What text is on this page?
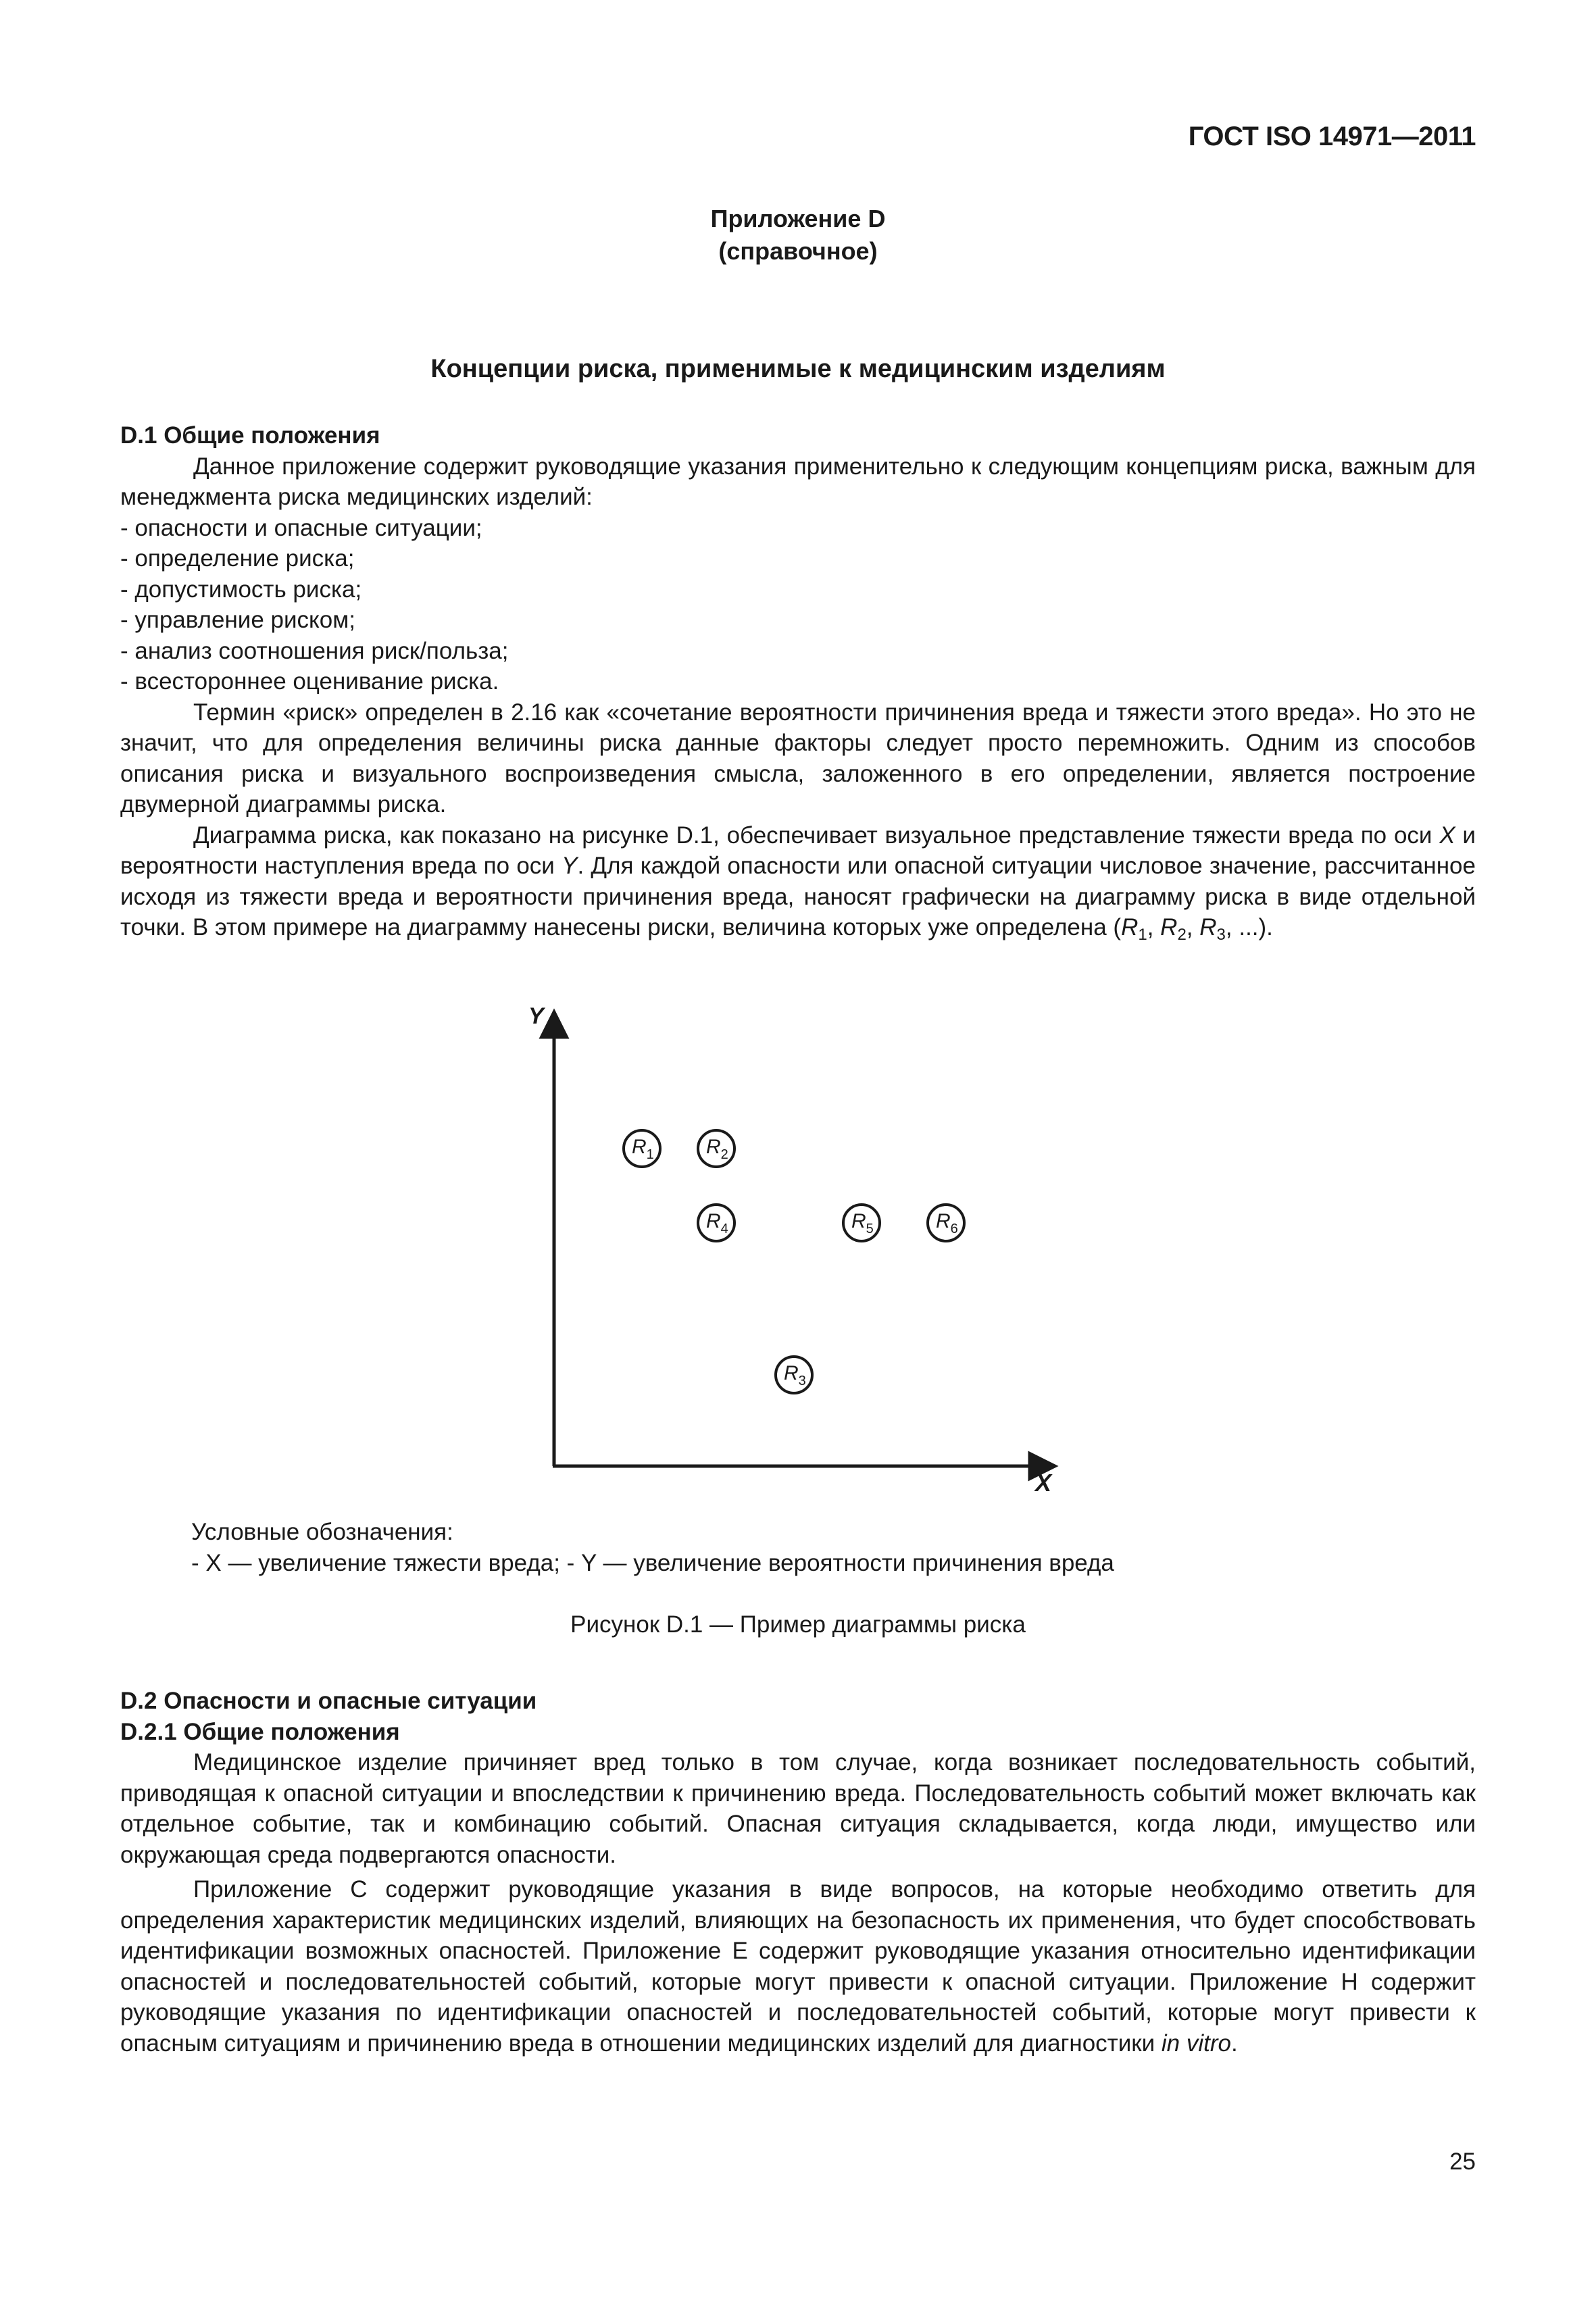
ГОСТ ISO 14971—2011
Приложение D
(справочное)
Концепции риска, применимые к медицинским изделиям

D.1 Общие положения

Данное приложение содержит руководящие указания применительно к следующим концепциям риска, важным для менеджмента риска медицинских изделий:

- опасности и опасные ситуации;

- определение риска;

- допустимость риска;

- управление риском;

- анализ соотношения риск/польза;

- всестороннее оценивание риска.

Термин «риск» определен в 2.16 как «сочетание вероятности причинения вреда и тяжести этого вреда». Но это не значит, что для определения величины риска данные факторы следует просто перемножить. Одним из способов описания риска и визуального воспроизведения смысла, заложенного в его определении, является построение двумерной диаграммы риска.

Диаграмма риска, как показано на рисунке D.1, обеспечивает визуальное представление тяжести вреда по оси X и вероятности наступления вреда по оси Y. Для каждой опасности или опасной ситуации числовое значение, рассчитанное исходя из тяжести вреда и вероятности причинения вреда, наносят графически на диаграмму риска в виде отдельной точки. В этом примере на диаграмму нанесены риски, величина которых уже определена ($R_1$, $R_2$, $R_3$, ...).

Y
X
$R_1$	$R_2$
$R_3$
$R_4$	$R_5$	$R_6$
Условные обозначения:
- X — увеличение тяжести вреда; - Y — увеличение вероятности причинения вреда
Рисунок D.1 — Пример диаграммы риска

D.2 Опасности и опасные ситуации

D.2.1 Общие положения

Медицинское изделие причиняет вред только в том случае, когда возникает последовательность событий, приводящая к опасной ситуации и впоследствии к причинению вреда. Последовательность событий может включать как отдельное событие, так и комбинацию событий. Опасная ситуация складывается, когда люди, имущество или окружающая среда подвергаются опасности.

Приложение C содержит руководящие указания в виде вопросов, на которые необходимо ответить для определения характеристик медицинских изделий, влияющих на безопасность их применения, что будет способствовать идентификации возможных опасностей. Приложение E содержит руководящие указания относительно идентификации опасностей и последовательностей событий, которые могут привести к опасной ситуации. Приложение H содержит руководящие указания по идентификации опасностей и последовательностей событий, которые могут привести к опасным ситуациям и причинению вреда в отношении медицинских изделий для диагностики in vitro.

25
